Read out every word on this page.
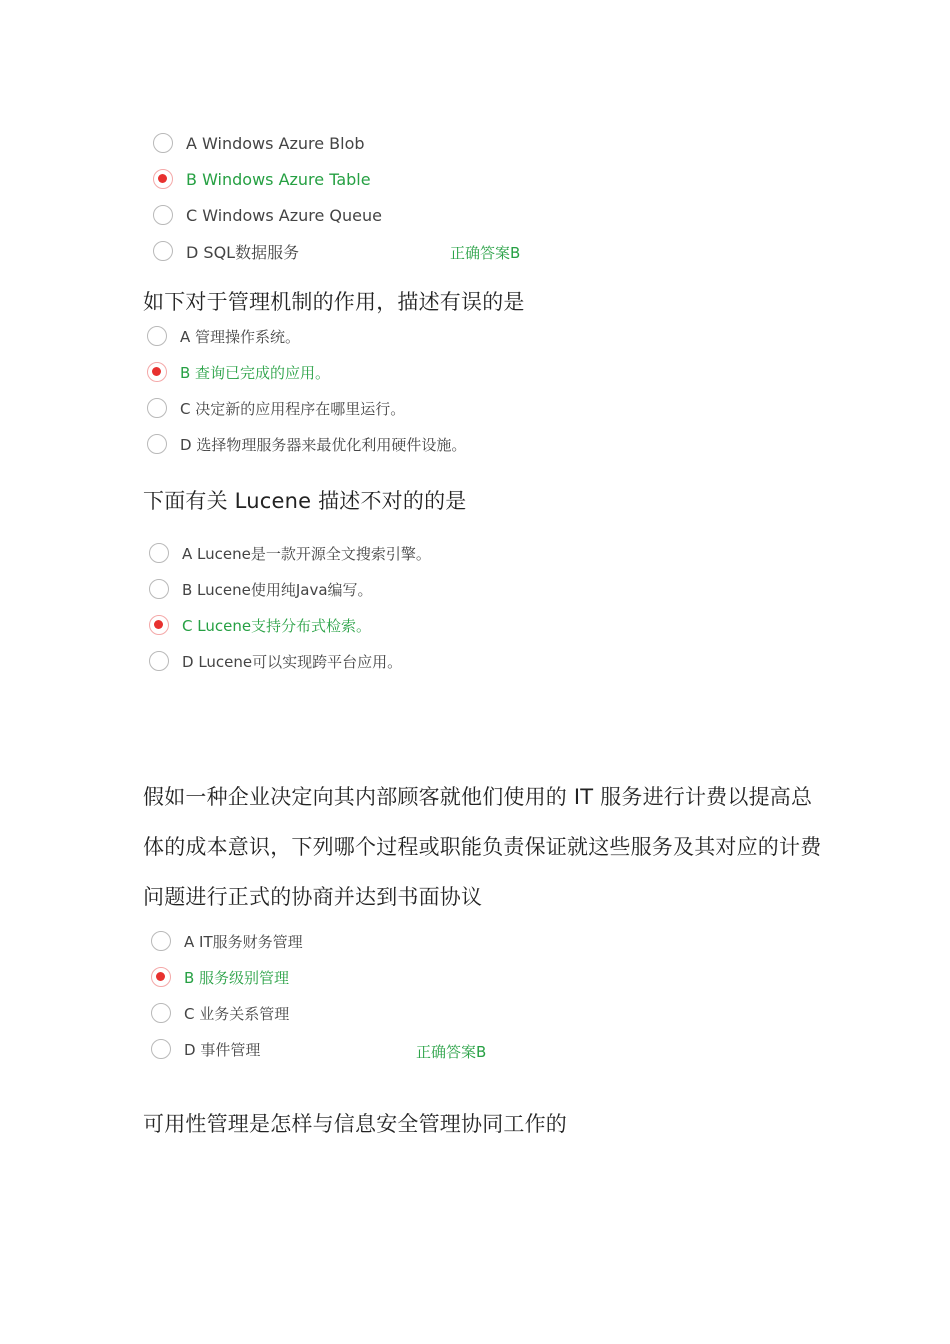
A Windows Azure Blob
B Windows Azure Table
C Windows Azure Queue
D SQL数据服务	正确答案B
如下对于管理机制的作用，描述有误的是
A 管理操作系统。
B 查询已完成的应用。
C 决定新的应用程序在哪里运行。
D 选择物理服务器来最优化利用硬件设施。
下面有关 Lucene 描述不对的的是
A Lucene是一款开源全文搜索引擎。
B Lucene使用纯Java编写。
C Lucene支持分布式检索。
D Lucene可以实现跨平台应用。
假如一种企业决定向其内部顾客就他们使用的 IT 服务进行计费以提高总体的成本意识，下列哪个过程或职能负责保证就这些服务及其对应的计费问题进行正式的协商并达到书面协议
A IT服务财务管理
B 服务级别管理
C 业务关系管理
D 事件管理	正确答案B
可用性管理是怎样与信息安全管理协同工作的
